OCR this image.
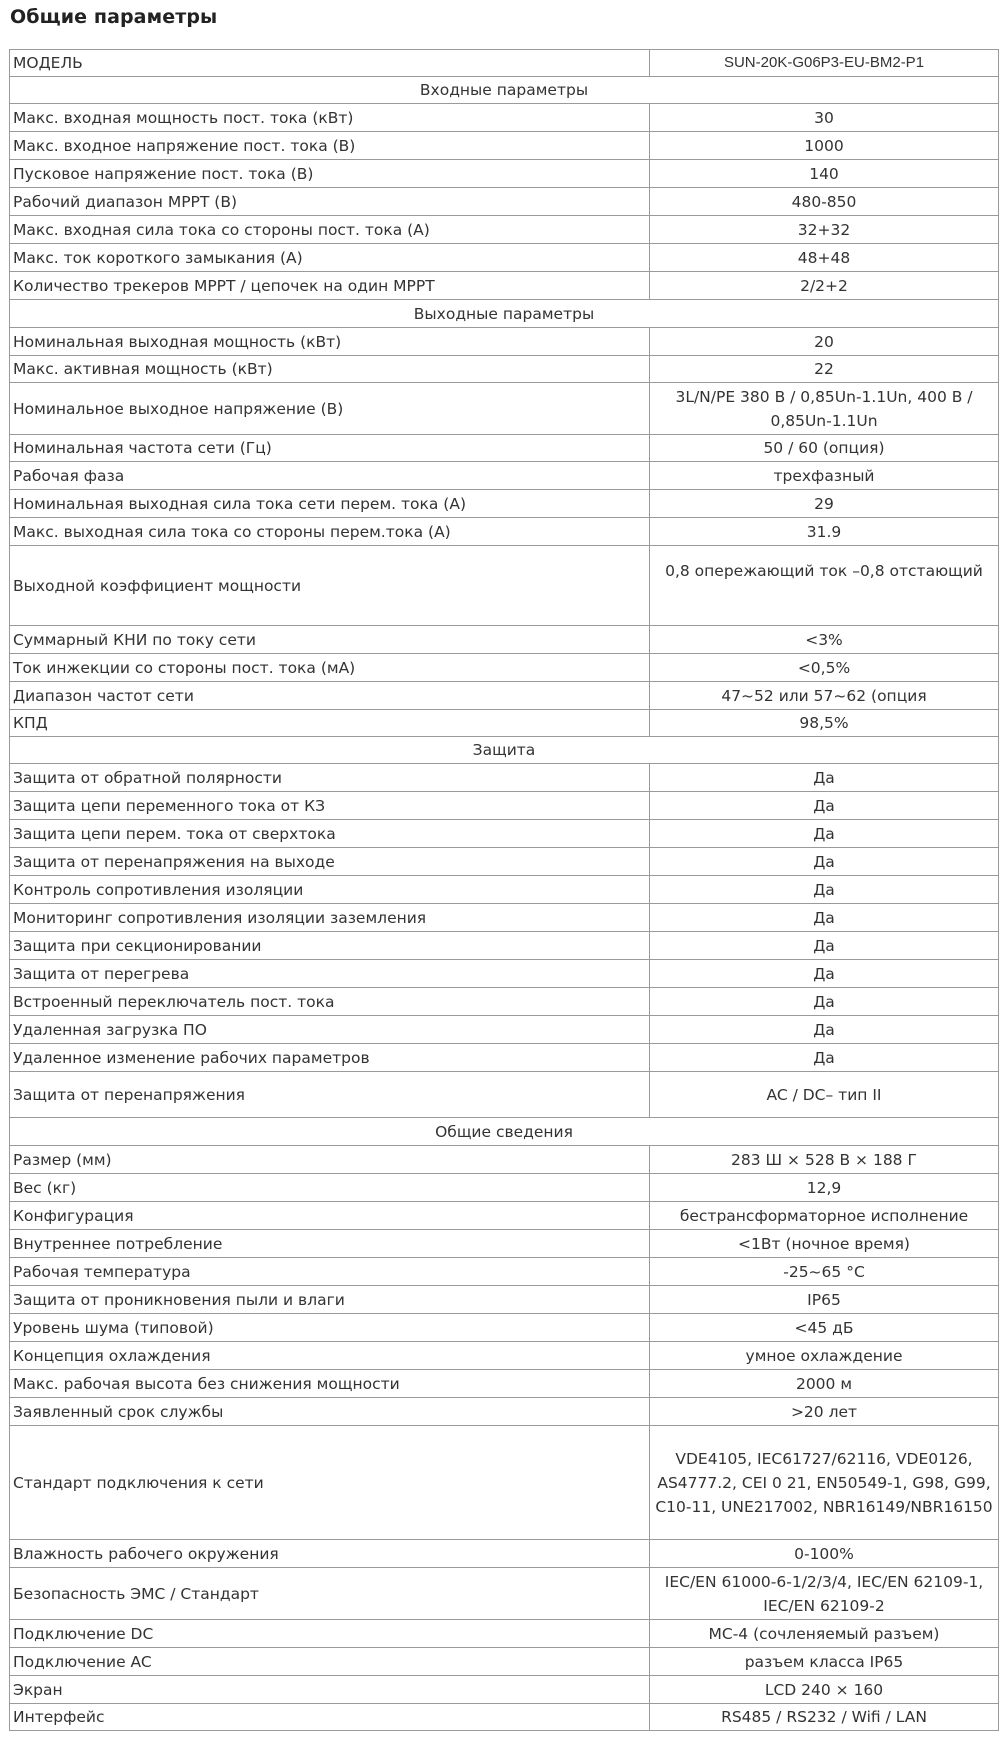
Общие параметры
МОДЕЛЬ	SUN-20K-G06P3-EU-BM2-P1
Входные параметры	
Макс. входная мощность пост. тока (кВт)	30
Макс. входное напряжение пост. тока (В)	1000
Пусковое напряжение пост. тока (В)	140
Рабочий диапазон MPPT (В)	480-850
Макс. входная сила тока со стороны пост. тока (А)	32+32
Макс. ток короткого замыкания (А)	48+48
Количество трекеров MPPT / цепочек на один MPPT	2/2+2
Выходные параметры	
Номинальная выходная мощность (кВт)	20
Макс. активная мощность (кВт)	22
Номинальное выходное напряжение (В)	3L/N/PE 380 В / 0,85Un-1.1Un, 400 В / 0,85Un-1.1Un
Номинальная частота сети (Гц)	50 / 60 (опция)
Рабочая фаза	трехфазный
Номинальная выходная сила тока сети перем. тока (А)	29
Макс. выходная сила тока со стороны перем.тока (А)	31.9
Выходной коэффициент мощности	0,8 опережающий ток –0,8 отстающий
Суммарный КНИ по току сети	<3%
Ток инжекции со стороны пост. тока (мА)	<0,5%
Диапазон частот сети	47~52 или 57~62 (опция
КПД	98,5%
Защита	
Защита от обратной полярности	Да
Защита цепи переменного тока от КЗ	Да
Защита цепи перем. тока от сверхтока	Да
Защита от перенапряжения на выходе	Да
Контроль сопротивления изоляции	Да
Мониторинг сопротивления изоляции заземления	Да
Защита при секционировании	Да
Защита от перегрева	Да
Встроенный переключатель пост. тока	Да
Удаленная загрузка ПО	Да
Удаленное изменение рабочих параметров	Да
Защита от перенапряжения	AC / DC– тип II
Общие сведения	
Размер (мм)	283 Ш × 528 В × 188 Г
Вес (кг)	12,9
Конфигурация	бестрансформаторное исполнение
Внутреннее потребление	<1Вт (ночное время)
Рабочая температура	-25~65 °C
Защита от проникновения пыли и влаги	IP65
Уровень шума (типовой)	<45 дБ
Концепция охлаждения	умное охлаждение
Макс. рабочая высота без снижения мощности	2000 м
Заявленный срок службы	>20 лет
Стандарт подключения к сети	VDE4105, IEC61727/62116, VDE0126, AS4777.2, CEI 0 21, EN50549-1, G98, G99, C10-11, UNE217002, NBR16149/NBR16150
Влажность рабочего окружения	0-100%
Безопасность ЭМС / Стандарт	IEC/EN 61000-6-1/2/3/4, IEC/EN 62109-1, IEC/EN 62109-2
Подключение DC	MC-4 (сочленяемый разъем)
Подключение AC	разъем класса IP65
Экран	LCD 240 × 160
Интерфейс	RS485 / RS232 / Wifi / LAN
